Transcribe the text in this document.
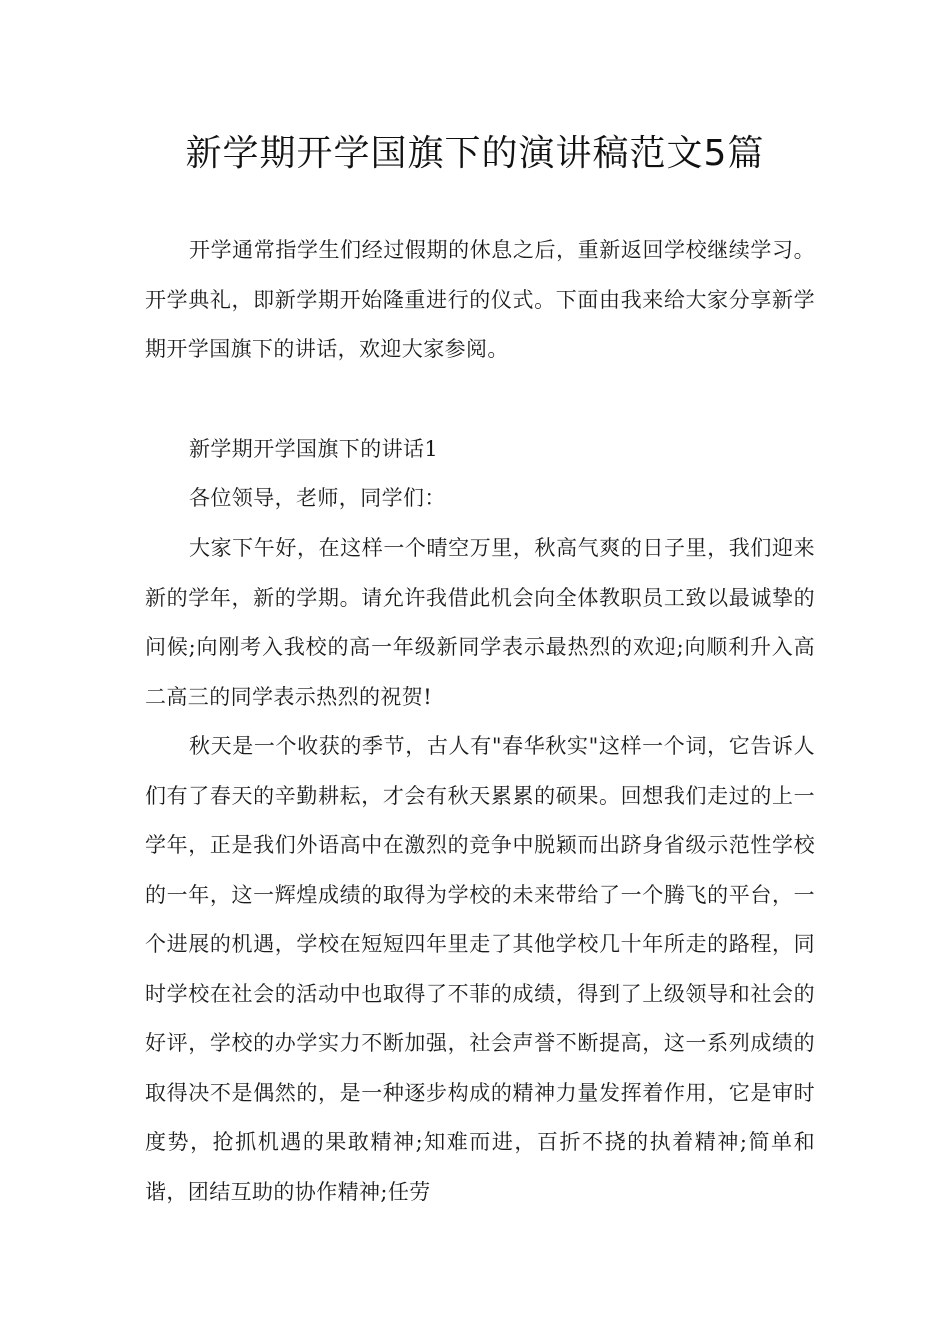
新学期开学国旗下的演讲稿范文5篇

开学通常指学生们经过假期的休息之后，重新返回学校继续学习。开学典礼，即新学期开始隆重进行的仪式。下面由我来给大家分享新学期开学国旗下的讲话，欢迎大家参阅。

新学期开学国旗下的讲话1

各位领导，老师，同学们：

大家下午好，在这样一个晴空万里，秋高气爽的日子里，我们迎来新的学年，新的学期。请允许我借此机会向全体教职员工致以最诚挚的问候;向刚考入我校的高一年级新同学表示最热烈的欢迎;向顺利升入高二高三的同学表示热烈的祝贺!

秋天是一个收获的季节，古人有"春华秋实"这样一个词，它告诉人们有了春天的辛勤耕耘，才会有秋天累累的硕果。回想我们走过的上一学年，正是我们外语高中在激烈的竞争中脱颖而出跻身省级示范性学校的一年，这一辉煌成绩的取得为学校的未来带给了一个腾飞的平台，一个进展的机遇，学校在短短四年里走了其他学校几十年所走的路程，同时学校在社会的活动中也取得了不菲的成绩，得到了上级领导和社会的好评，学校的办学实力不断加强，社会声誉不断提高，这一系列成绩的取得决不是偶然的，是一种逐步构成的精神力量发挥着作用，它是审时度势，抢抓机遇的果敢精神;知难而进，百折不挠的执着精神;简单和谐，团结互助的协作精神;任劳
